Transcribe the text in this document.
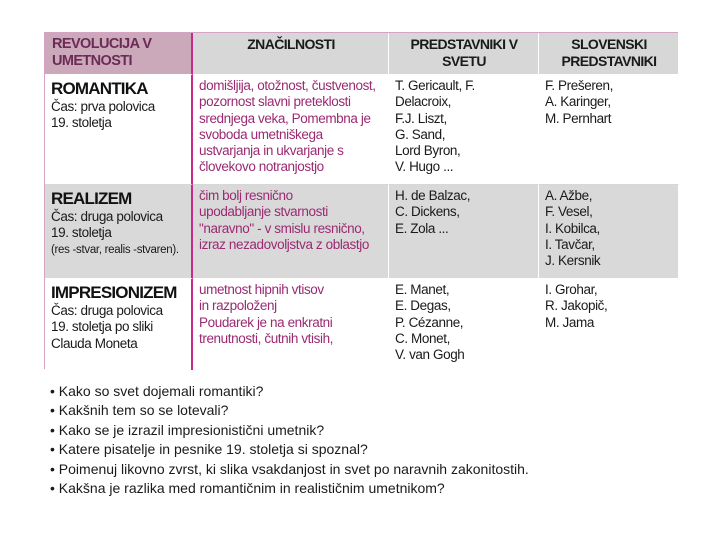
REVOLUCIJA V UMETNOSTI
ZNAČILNOSTI	PREDSTAVNIKI V SVETU
SLOVENSKI PREDSTAVNIKI
ROMANTIKA
Čas: prva polovica
19. stoletja
domišljija, otožnost, čustvenost,
pozornost slavni preteklosti
srednjega veka, Pomembna je
svoboda umetniškega
ustvarjanja in ukvarjanje s
človekovo notranjostjo
T. Gericault, F.
Delacroix,
F.J. Liszt,
G. Sand,
Lord Byron,
V. Hugo ...
F. Prešeren,
A. Karinger,
M. Pernhart
REALIZEM
Čas: druga polovica
19. stoletja
(res -stvar, realis -stvaren).
čim bolj resnično
upodabljanje stvarnosti
"naravno" - v smislu resnično,
izraz nezadovoljstva z oblastjo
H. de Balzac,
C. Dickens,
E. Zola ...
A. Ažbe,
F. Vesel,
I. Kobilca,
I. Tavčar,
J. Kersnik
IMPRESIONIZEM
Čas: druga polovica
19. stoletja po sliki
Clauda Moneta
umetnost hipnih vtisov
in razpoloženj
Poudarek je na enkratni
trenutnosti, čutnih vtisih,
E. Manet,
E. Degas,
P. Cézanne,
C. Monet,
V. van Gogh
I. Grohar,
R. Jakopič,
M. Jama
• Kako so svet dojemali romantiki?
• Kakšnih tem so se lotevali?
• Kako se je izrazil impresionistični umetnik?
• Katere pisatelje in pesnike 19. stoletja si spoznal?
• Poimenuj likovno zvrst, ki slika vsakdanjost in svet po naravnih zakonitostih.
• Kakšna je razlika med romantičnim in realističnim umetnikom?
